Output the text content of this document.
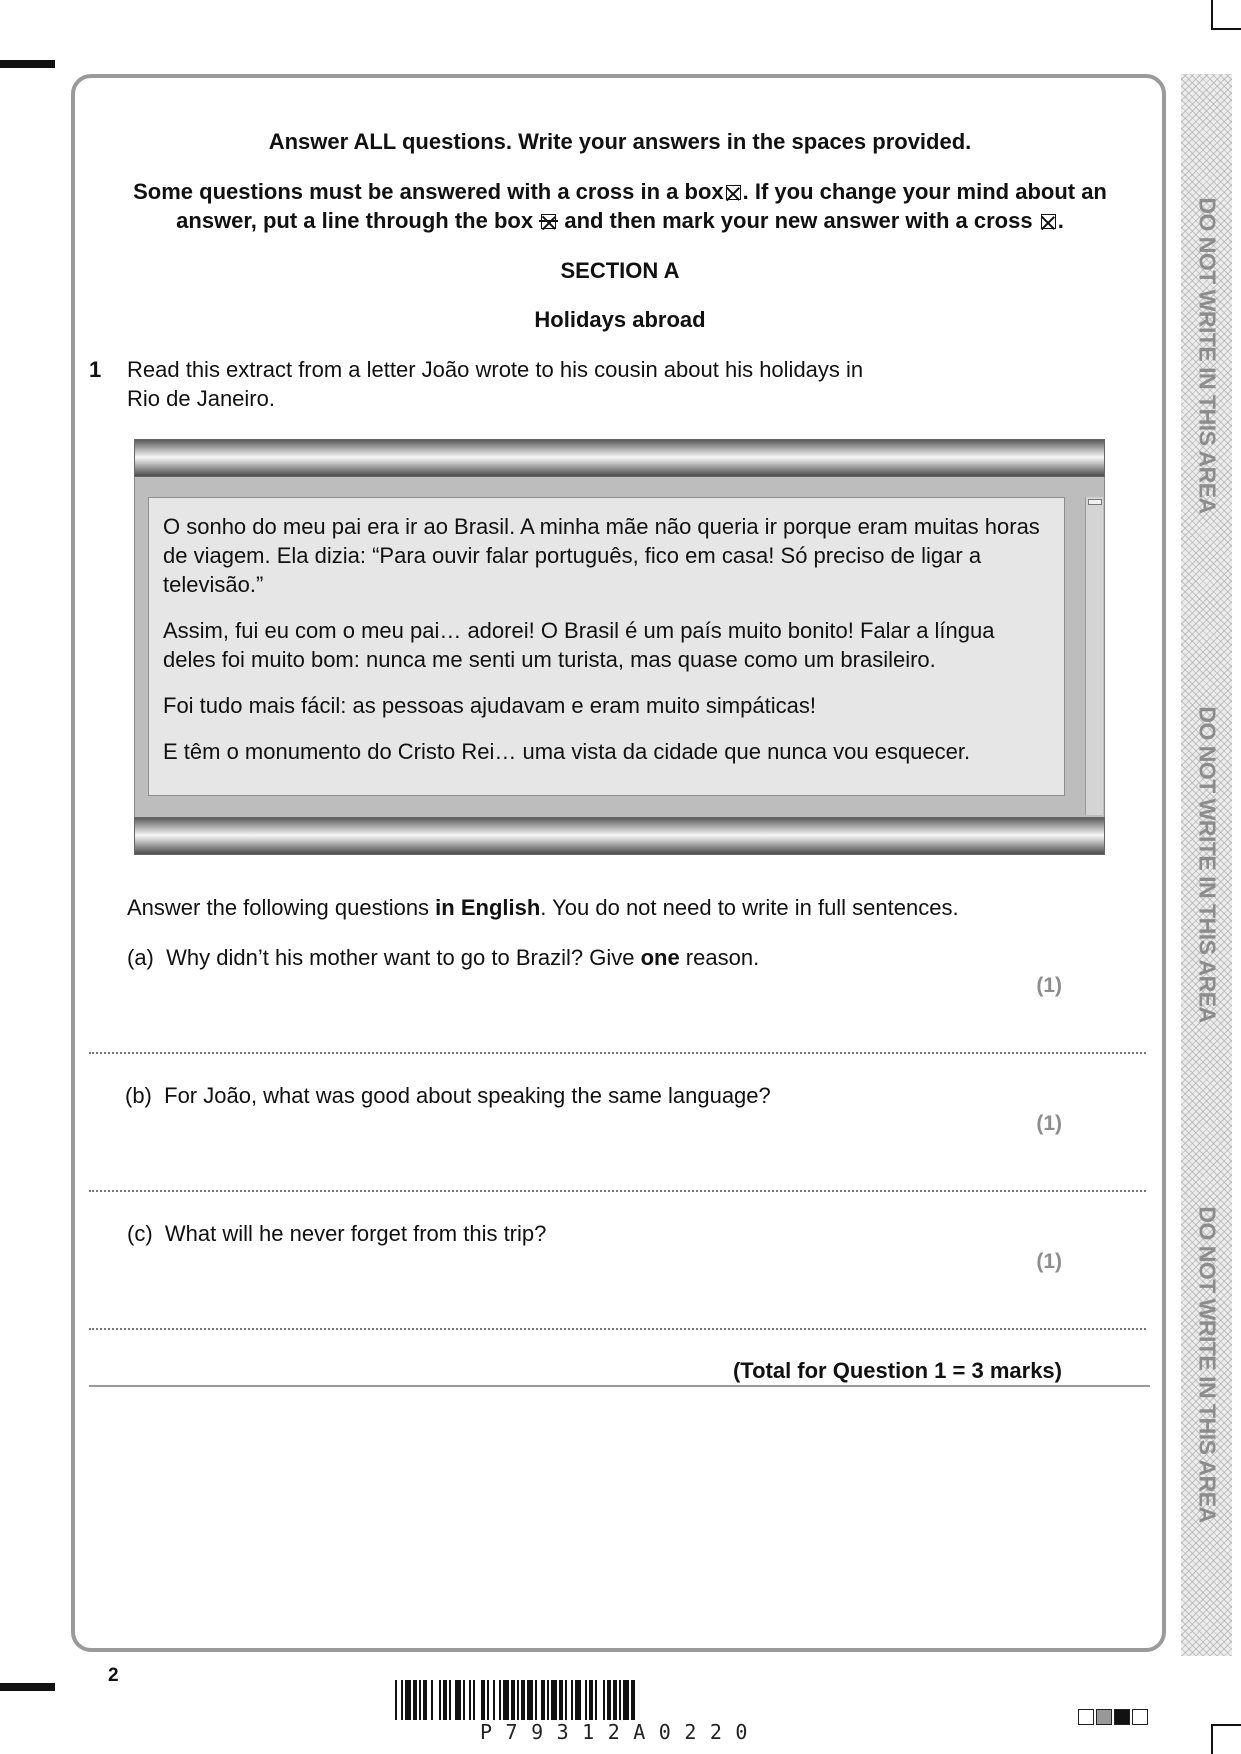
DO NOT WRITE IN THIS AREA
DO NOT WRITE IN THIS AREA
DO NOT WRITE IN THIS AREA
Answer ALL questions. Write your answers in the spaces provided.
Some questions must be answered with a cross in a box ☒ . If you change your mind about an
answer, put a line through the box and then mark your new answer with a cross ☒ .
SECTION A
Holidays abroad
1 Read this extract from a letter João wrote to his cousin about his holidays in
Rio de Janeiro.

O sonho do meu pai era ir ao Brasil. A minha mãe não queria ir porque eram muitas horas de viagem. Ela dizia: “Para ouvir falar português, fico em casa! Só preciso de ligar a televisão.”

Assim, fui eu com o meu pai… adorei! O Brasil é um país muito bonito! Falar a língua deles foi muito bom: nunca me senti um turista, mas quase como um brasileiro.

Foi tudo mais fácil: as pessoas ajudavam e eram muito simpáticas!

E têm o monumento do Cristo Rei… uma vista da cidade que nunca vou esquecer.

Answer the following questions in English. You do not need to write in full sentences.
(a) Why didn’t his mother want to go to Brazil? Give one reason.
(1)
(b) For João, what was good about speaking the same language?
(1)
(c) What will he never forget from this trip?
(1)
(Total for Question 1 = 3 marks)
2
P79312A0220
